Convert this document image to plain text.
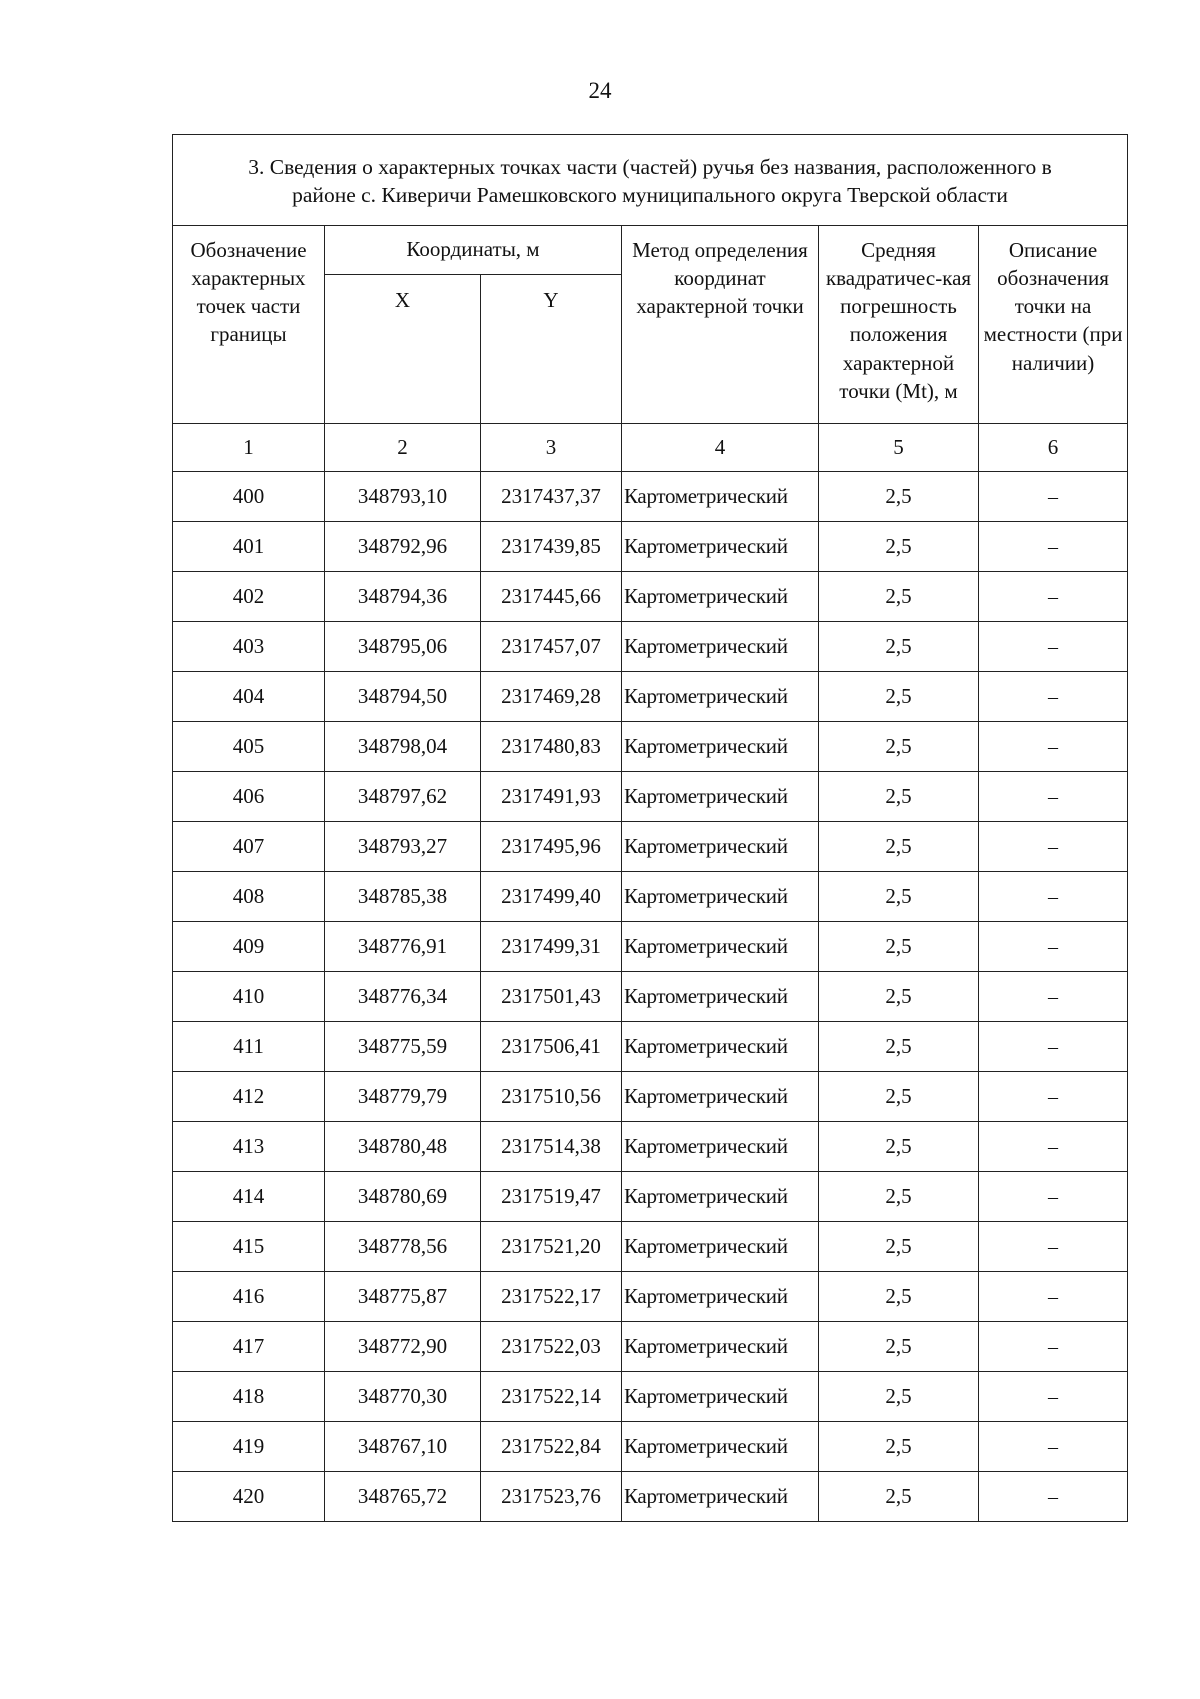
24
3. Сведения о характерных точках части (частей) ручья без названия, расположенного в
районе с. Киверичи Рамешковского муниципального округа Тверской области					
Обозначение характерных точек части границы	Координаты, м		Метод определения координат характерной точки	Средняя квадратичес-кая погрешность положения характерной точки (Mt), м	Описание обозначения точки на местности (при наличии)
	X	Y			
1	2	3	4	5	6
400	348793,10	2317437,37	Картометрический	2,5	–
401	348792,96	2317439,85	Картометрический	2,5	–
402	348794,36	2317445,66	Картометрический	2,5	–
403	348795,06	2317457,07	Картометрический	2,5	–
404	348794,50	2317469,28	Картометрический	2,5	–
405	348798,04	2317480,83	Картометрический	2,5	–
406	348797,62	2317491,93	Картометрический	2,5	–
407	348793,27	2317495,96	Картометрический	2,5	–
408	348785,38	2317499,40	Картометрический	2,5	–
409	348776,91	2317499,31	Картометрический	2,5	–
410	348776,34	2317501,43	Картометрический	2,5	–
411	348775,59	2317506,41	Картометрический	2,5	–
412	348779,79	2317510,56	Картометрический	2,5	–
413	348780,48	2317514,38	Картометрический	2,5	–
414	348780,69	2317519,47	Картометрический	2,5	–
415	348778,56	2317521,20	Картометрический	2,5	–
416	348775,87	2317522,17	Картометрический	2,5	–
417	348772,90	2317522,03	Картометрический	2,5	–
418	348770,30	2317522,14	Картометрический	2,5	–
419	348767,10	2317522,84	Картометрический	2,5	–
420	348765,72	2317523,76	Картометрический	2,5	–
